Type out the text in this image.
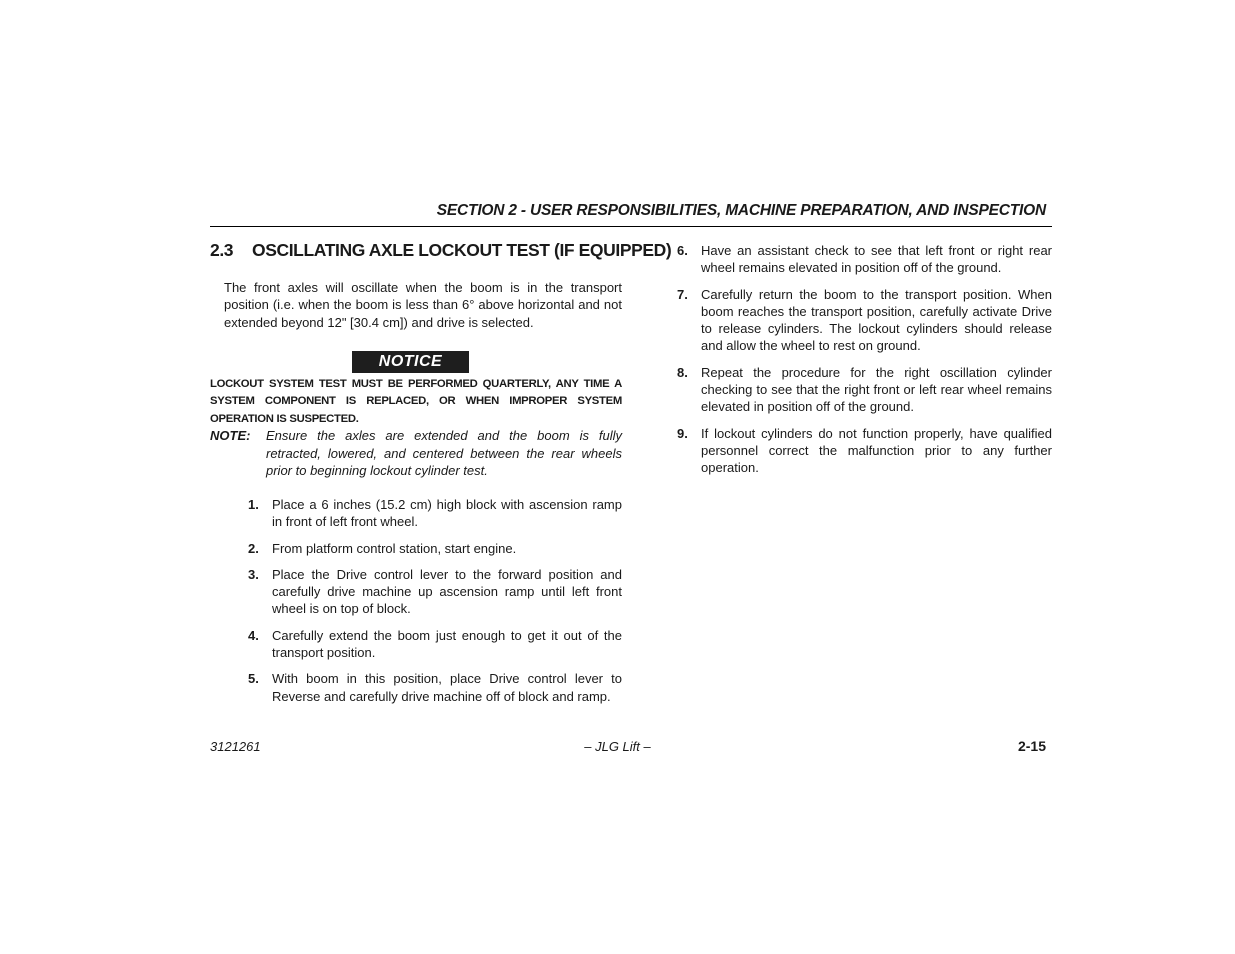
SECTION 2 - USER RESPONSIBILITIES, MACHINE PREPARATION, AND INSPECTION
2.3 OSCILLATING AXLE LOCKOUT TEST (IF EQUIPPED)
The front axles will oscillate when the boom is in the transport position (i.e. when the boom is less than 6° above horizontal and not extended beyond 12" [30.4 cm]) and drive is selected.
NOTICE
LOCKOUT SYSTEM TEST MUST BE PERFORMED QUARTERLY, ANY TIME A SYSTEM COMPONENT IS REPLACED, OR WHEN IMPROPER SYSTEM OPERATION IS SUSPECTED.
NOTE: Ensure the axles are extended and the boom is fully retracted, lowered, and centered between the rear wheels prior to beginning lockout cylinder test.
1. Place a 6 inches (15.2 cm) high block with ascension ramp in front of left front wheel.
2. From platform control station, start engine.
3. Place the Drive control lever to the forward position and carefully drive machine up ascension ramp until left front wheel is on top of block.
4. Carefully extend the boom just enough to get it out of the transport position.
5. With boom in this position, place Drive control lever to Reverse and carefully drive machine off of block and ramp.
6. Have an assistant check to see that left front or right rear wheel remains elevated in position off of the ground.
7. Carefully return the boom to the transport position. When boom reaches the transport position, carefully activate Drive to release cylinders. The lockout cylinders should release and allow the wheel to rest on ground.
8. Repeat the procedure for the right oscillation cylinder checking to see that the right front or left rear wheel remains elevated in position off of the ground.
9. If lockout cylinders do not function properly, have qualified personnel correct the malfunction prior to any further operation.
3121261	– JLG Lift –	2-15
